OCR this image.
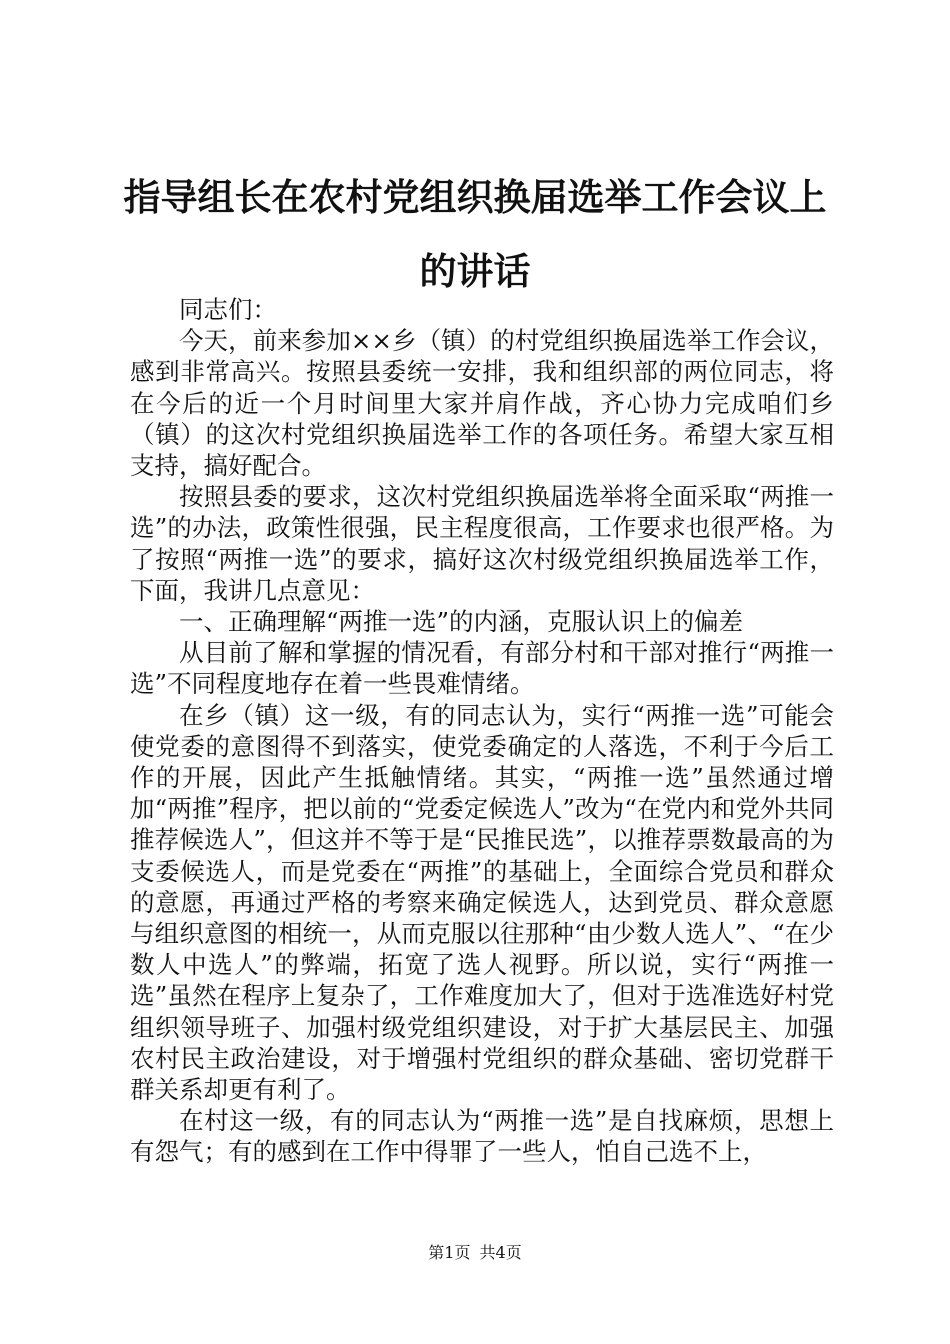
指导组长在农村党组织换届选举工作会议上的讲话

同志们：

今天，前来参加××乡（镇）的村党组织换届选举工作会议，感到非常高兴。按照县委统一安排，我和组织部的两位同志，将在今后的近一个月时间里大家并肩作战，齐心协力完成咱们乡（镇）的这次村党组织换届选举工作的各项任务。希望大家互相支持，搞好配合。

按照县委的要求，这次村党组织换届选举将全面采取“两推一选”的办法，政策性很强，民主程度很高，工作要求也很严格。为了按照“两推一选”的要求，搞好这次村级党组织换届选举工作，下面，我讲几点意见：

一、正确理解“两推一选”的内涵，克服认识上的偏差

从目前了解和掌握的情况看，有部分村和干部对推行“两推一选”不同程度地存在着一些畏难情绪。

在乡（镇）这一级，有的同志认为，实行“两推一选”可能会使党委的意图得不到落实，使党委确定的人落选，不利于今后工作的开展，因此产生抵触情绪。其实，“两推一选”虽然通过增加“两推”程序，把以前的“党委定候选人”改为“在党内和党外共同推荐候选人”，但这并不等于是“民推民选”，以推荐票数最高的为支委候选人，而是党委在“两推”的基础上，全面综合党员和群众的意愿，再通过严格的考察来确定候选人，达到党员、群众意愿与组织意图的相统一，从而克服以往那种“由少数人选人”、“在少数人中选人”的弊端，拓宽了选人视野。所以说，实行“两推一选”虽然在程序上复杂了，工作难度加大了，但对于选准选好村党组织领导班子、加强村级党组织建设，对于扩大基层民主、加强农村民主政治建设，对于增强村党组织的群众基础、密切党群干群关系却更有利了。

在村这一级，有的同志认为“两推一选”是自找麻烦，思想上有怨气；有的感到在工作中得罪了一些人，怕自己选不上，

第1页 共4页
